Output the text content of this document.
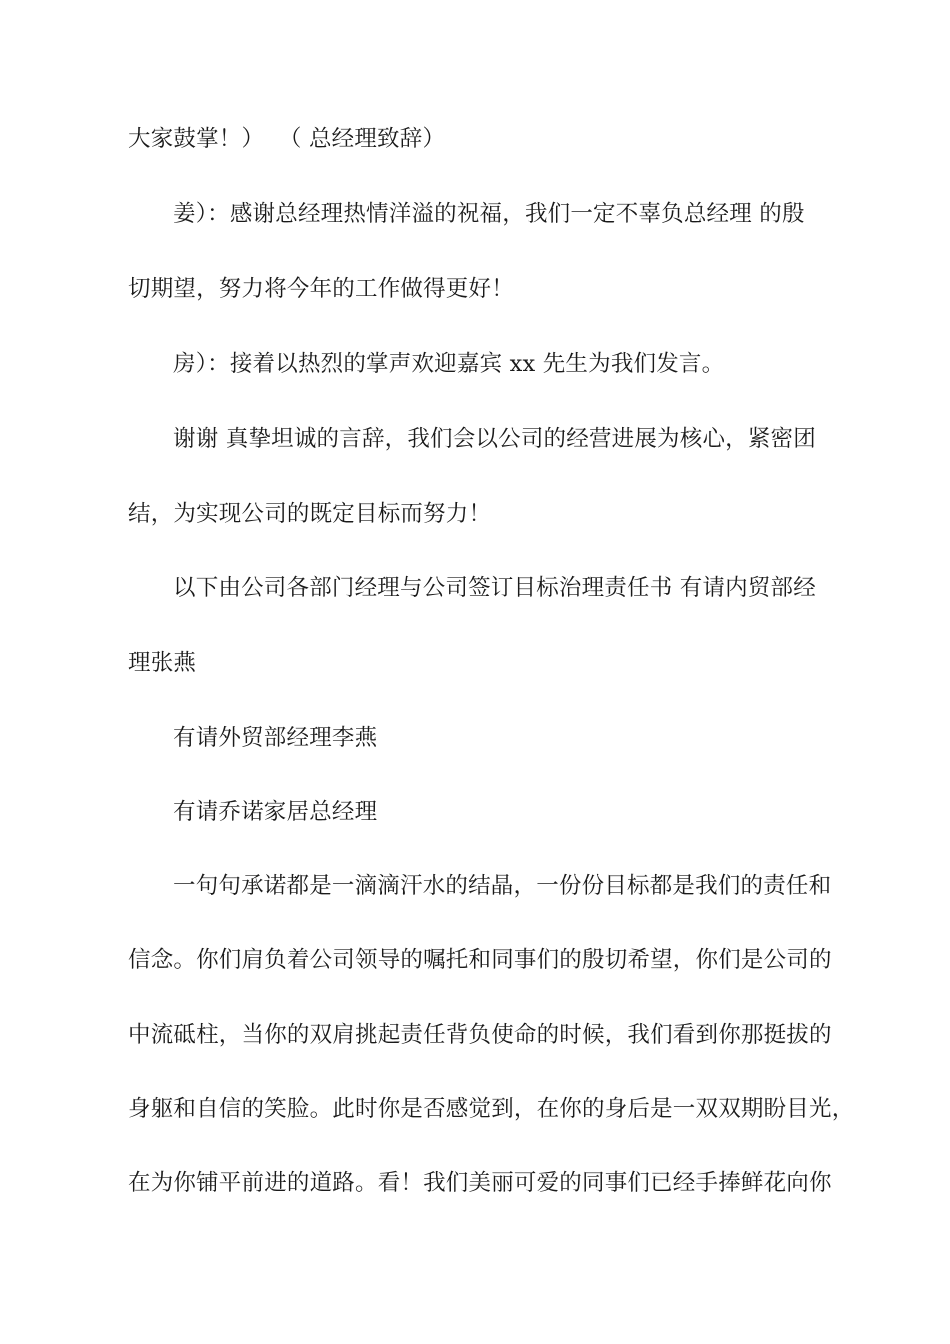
大家鼓掌！）  （ 总经理致辞）
姜）：感谢总经理热情洋溢的祝福，我们一定不辜负总经理 的殷
切期望，努力将今年的工作做得更好！
房）：接着以热烈的掌声欢迎嘉宾 xx 先生为我们发言。
谢谢 真挚坦诚的言辞，我们会以公司的经营进展为核心，紧密团
结，为实现公司的既定目标而努力！
以下由公司各部门经理与公司签订目标治理责任书 有请内贸部经
理张燕
有请外贸部经理李燕
有请乔诺家居总经理
一句句承诺都是一滴滴汗水的结晶，一份份目标都是我们的责任和
信念。你们肩负着公司领导的嘱托和同事们的殷切希望，你们是公司的
中流砥柱，当你的双肩挑起责任背负使命的时候，我们看到你那挺拔的
身躯和自信的笑脸。此时你是否感觉到，在你的身后是一双双期盼目光，
在为你铺平前进的道路。看！我们美丽可爱的同事们已经手捧鲜花向你
